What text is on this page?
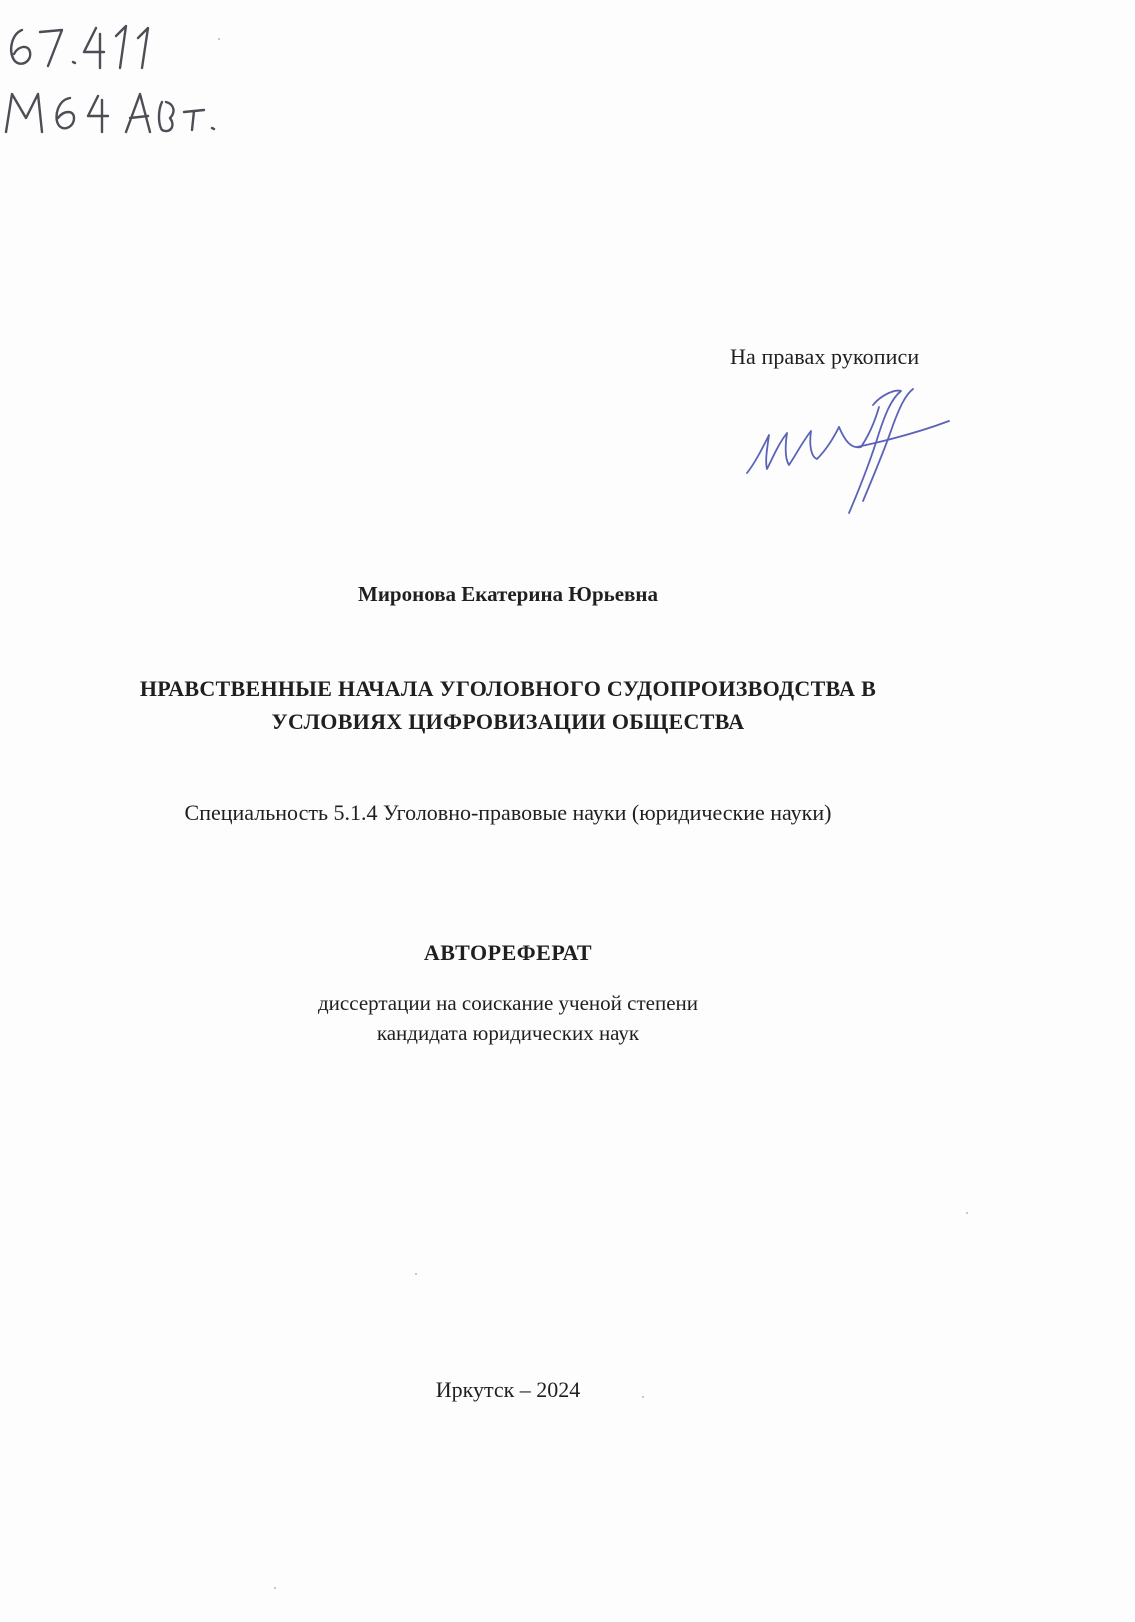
На правах рукописи
Миронова Екатерина Юрьевна
НРАВСТВЕННЫЕ НАЧАЛА УГОЛОВНОГО СУДОПРОИЗВОДСТВА В
УСЛОВИЯХ ЦИФРОВИЗАЦИИ ОБЩЕСТВА
Специальность 5.1.4 Уголовно-правовые науки (юридические науки)
АВТОРЕФЕРАТ
диссертации на соискание ученой степени
кандидата юридических наук
Иркутск – 2024
